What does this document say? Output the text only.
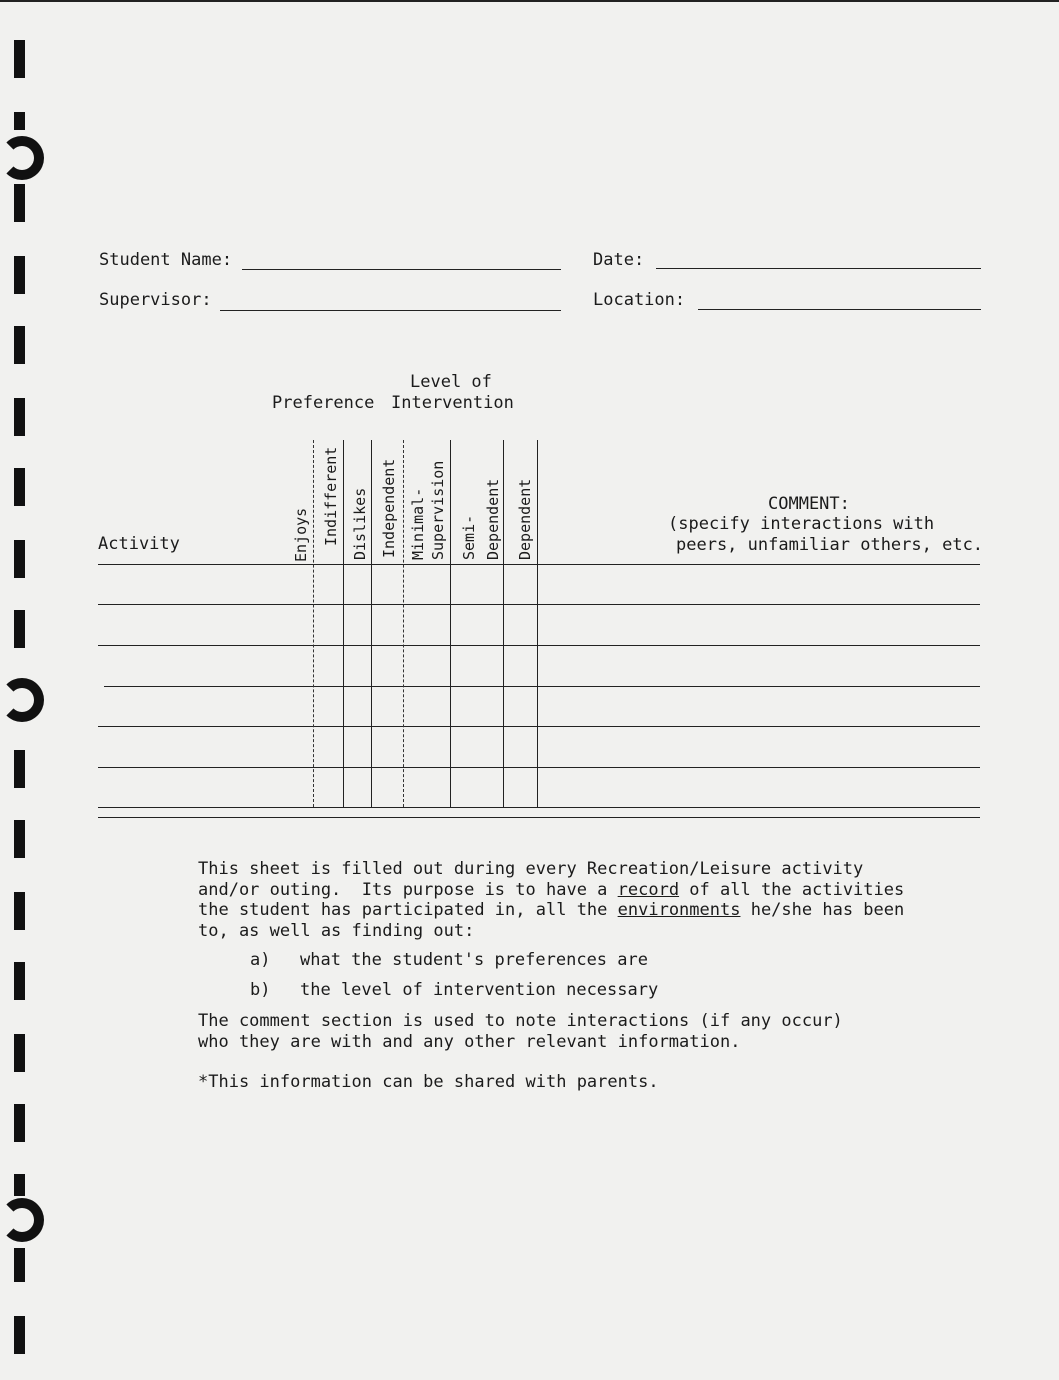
Student Name:	Date:
Supervisor:	Location:
Level of
Preference Intervention
Enjoys Indifferent Dislikes Independent Minimal- Supervision Semi- Dependent Dependent
Activity
COMMENT:
(specify interactions with
peers, unfamiliar others, etc.
This sheet is filled out during every Recreation/Leisure activity
and/or outing.  Its purpose is to have a record of all the activities
the student has participated in, all the environments he/she has been
to, as well as finding out:
a) what the student's preferences are
b) the level of intervention necessary
The comment section is used to note interactions (if any occur)
who they are with and any other relevant information.
*This information can be shared with parents.
